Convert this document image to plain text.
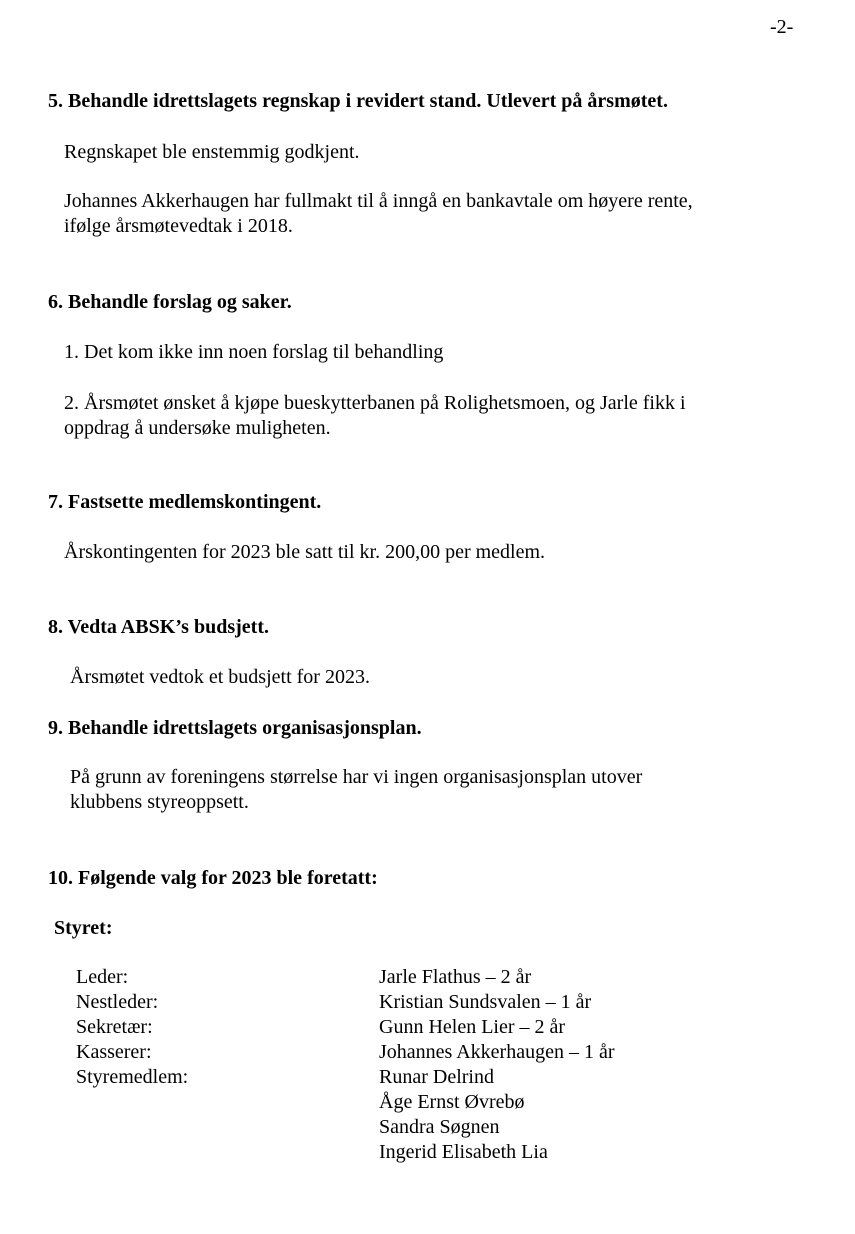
-2-
5. Behandle idrettslagets regnskap i revidert stand. Utlevert på årsmøtet.
Regnskapet ble enstemmig godkjent.
Johannes Akkerhaugen har fullmakt til å inngå en bankavtale om høyere rente,
ifølge årsmøtevedtak i 2018.
6. Behandle forslag og saker.
1. Det kom ikke inn noen forslag til behandling
2. Årsmøtet ønsket å kjøpe bueskytterbanen på Rolighetsmoen, og Jarle fikk i
oppdrag å undersøke muligheten.
7. Fastsette medlemskontingent.
Årskontingenten for 2023 ble satt til kr. 200,00 per medlem.
8. Vedta ABSK’s budsjett.
Årsmøtet vedtok et budsjett for 2023.
9. Behandle idrettslagets organisasjonsplan.
På grunn av foreningens størrelse har vi ingen organisasjonsplan utover
klubbens styreoppsett.
10. Følgende valg for 2023 ble foretatt:
Styret:
Leder:	Jarle Flathus – 2 år
Nestleder:	Kristian Sundsvalen – 1 år
Sekretær:	Gunn Helen Lier – 2 år
Kasserer:	Johannes Akkerhaugen – 1 år
Styremedlem:	Runar Delrind
Åge Ernst Øvrebø
Sandra Søgnen
Ingerid Elisabeth Lia
